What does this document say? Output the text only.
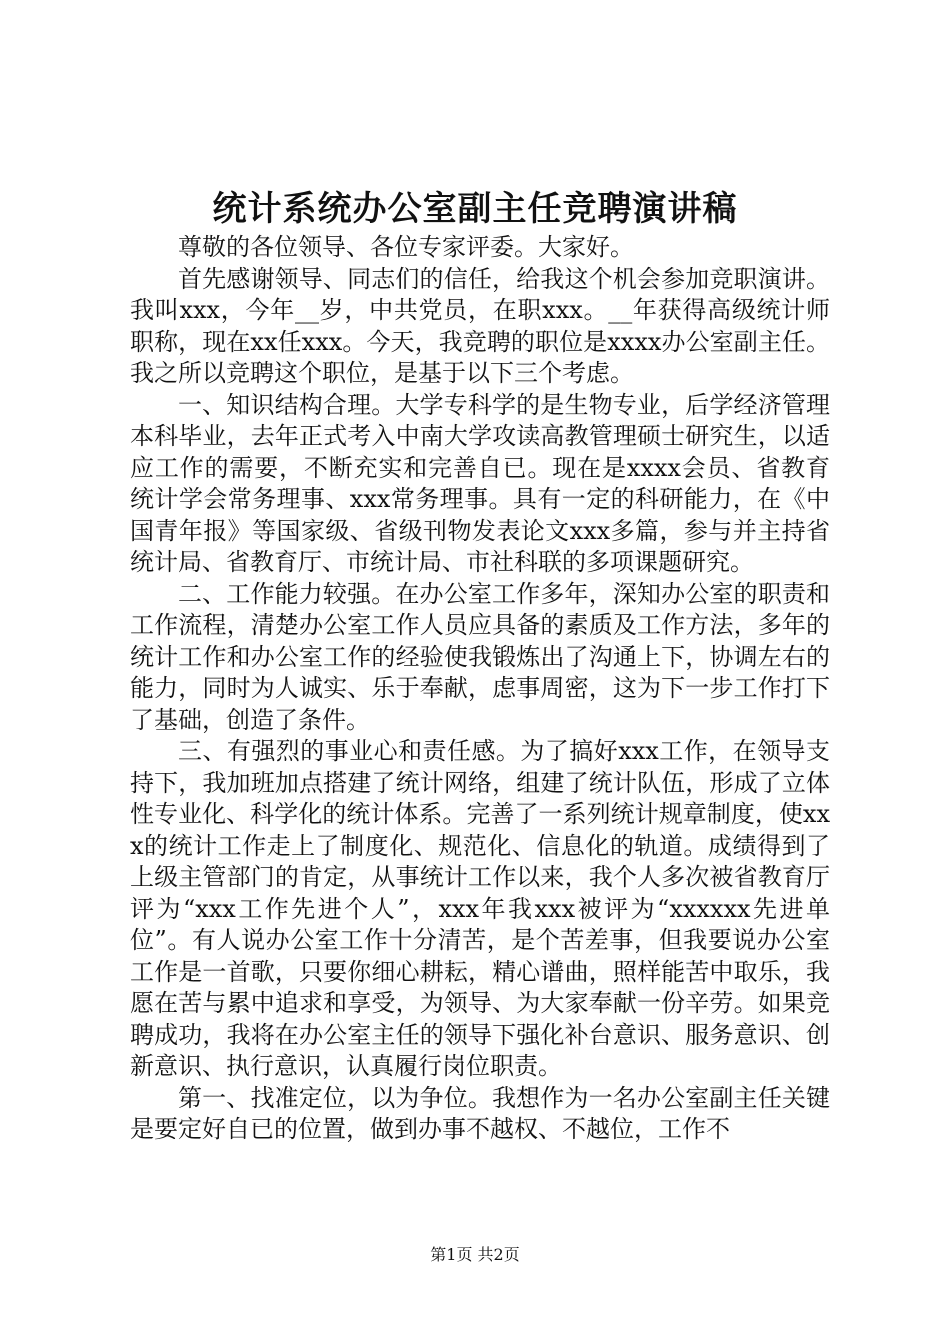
统计系统办公室副主任竞聘演讲稿

尊敬的各位领导、各位专家评委。大家好。

首先感谢领导、同志们的信任，给我这个机会参加竞职演讲。我叫xxx，今年__岁，中共党员，在职xxx。__年获得高级统计师职称，现在xx任xxx。今天，我竞聘的职位是xxxx办公室副主任。我之所以竞聘这个职位，是基于以下三个考虑。

一、知识结构合理。大学专科学的是生物专业，后学经济管理本科毕业，去年正式考入中南大学攻读高教管理硕士研究生，以适应工作的需要，不断充实和完善自已。现在是xxxx会员、省教育统计学会常务理事、xxx常务理事。具有一定的科研能力，在《中国青年报》等国家级、省级刊物发表论文xxx多篇，参与并主持省统计局、省教育厅、市统计局、市社科联的多项课题研究。

二、工作能力较强。在办公室工作多年，深知办公室的职责和工作流程，清楚办公室工作人员应具备的素质及工作方法，多年的统计工作和办公室工作的经验使我锻炼出了沟通上下，协调左右的能力，同时为人诚实、乐于奉献，虑事周密，这为下一步工作打下了基础，创造了条件。

三、有强烈的事业心和责任感。为了搞好xxx工作，在领导支持下，我加班加点搭建了统计网络，组建了统计队伍，形成了立体性专业化、科学化的统计体系。完善了一系列统计规章制度，使xxx的统计工作走上了制度化、规范化、信息化的轨道。成绩得到了上级主管部门的肯定，从事统计工作以来，我个人多次被省教育厅评为“xxx工作先进个人”，xxx年我xxx被评为“xxxxxx先进单位”。有人说办公室工作十分清苦，是个苦差事，但我要说办公室工作是一首歌，只要你细心耕耘，精心谱曲，照样能苦中取乐，我愿在苦与累中追求和享受，为领导、为大家奉献一份辛劳。如果竞聘成功，我将在办公室主任的领导下强化补台意识、服务意识、创新意识、执行意识，认真履行岗位职责。

第一、找准定位，以为争位。我想作为一名办公室副主任关键是要定好自已的位置，做到办事不越权、不越位，工作不

第1页 共2页
